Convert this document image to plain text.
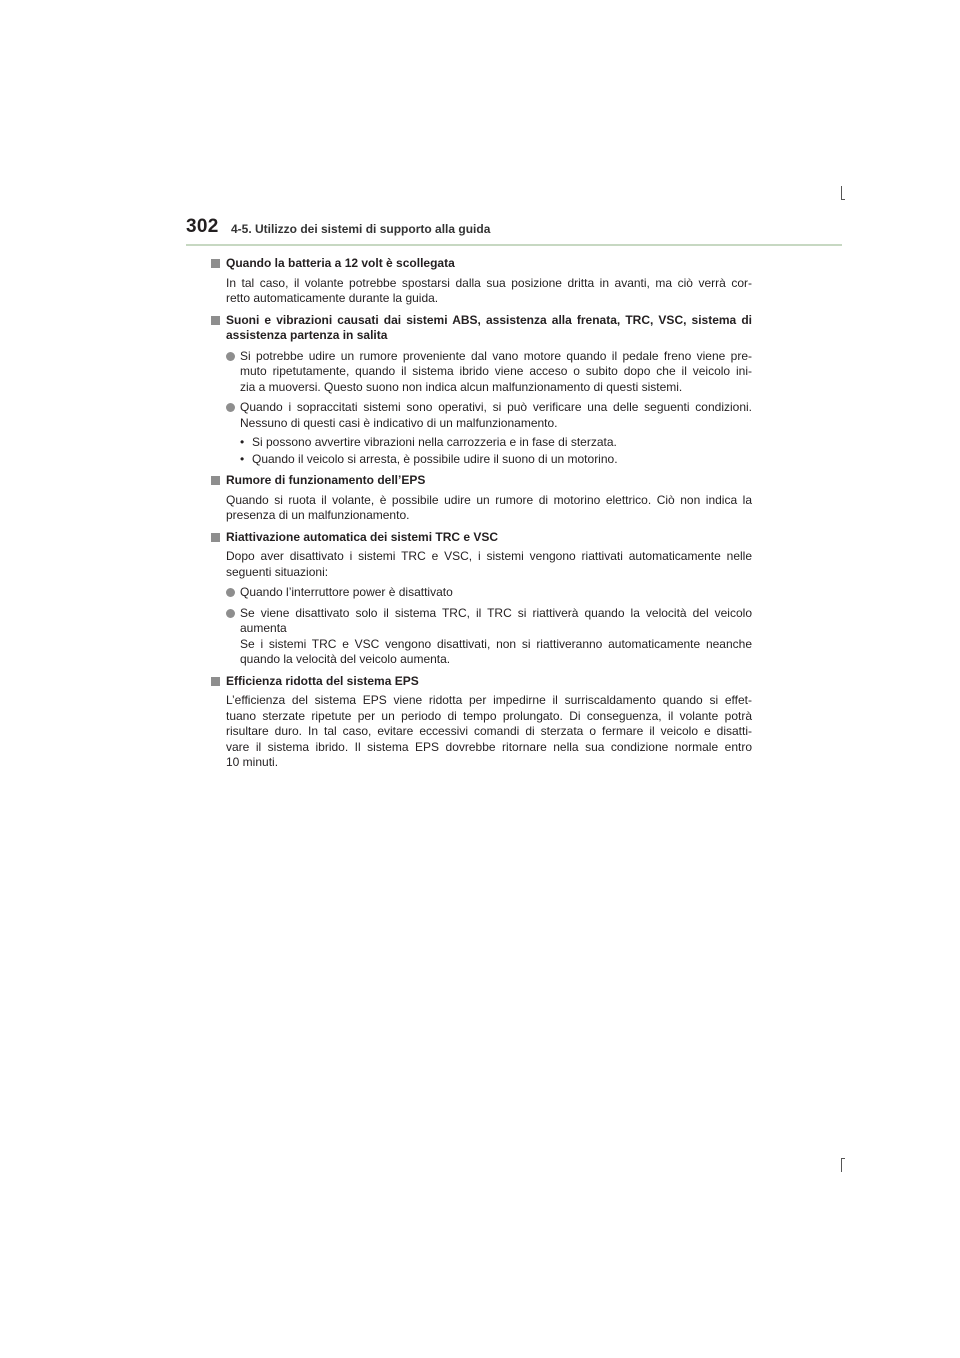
302 4-5. Utilizzo dei sistemi di supporto alla guida
Quando la batteria a 12 volt è scollegata
In tal caso, il volante potrebbe spostarsi dalla sua posizione dritta in avanti, ma ciò verrà cor-
retto automaticamente durante la guida.
Suoni e vibrazioni causati dai sistemi ABS, assistenza alla frenata, TRC, VSC, sistema di
assistenza partenza in salita
Si potrebbe udire un rumore proveniente dal vano motore quando il pedale freno viene pre-
muto ripetutamente, quando il sistema ibrido viene acceso o subito dopo che il veicolo ini-
zia a muoversi. Questo suono non indica alcun malfunzionamento di questi sistemi.
Quando i sopraccitati sistemi sono operativi, si può verificare una delle seguenti condizioni.
Nessuno di questi casi è indicativo di un malfunzionamento.
• Si possono avvertire vibrazioni nella carrozzeria e in fase di sterzata.
• Quando il veicolo si arresta, è possibile udire il suono di un motorino.
Rumore di funzionamento dell’EPS
Quando si ruota il volante, è possibile udire un rumore di motorino elettrico. Ciò non indica la
presenza di un malfunzionamento.
Riattivazione automatica dei sistemi TRC e VSC
Dopo aver disattivato i sistemi TRC e VSC, i sistemi vengono riattivati automaticamente nelle
seguenti situazioni:
Quando l’interruttore power è disattivato
Se viene disattivato solo il sistema TRC, il TRC si riattiverà quando la velocità del veicolo
aumenta
Se i sistemi TRC e VSC vengono disattivati, non si riattiveranno automaticamente neanche
quando la velocità del veicolo aumenta.
Efficienza ridotta del sistema EPS
L’efficienza del sistema EPS viene ridotta per impedirne il surriscaldamento quando si effet-
tuano sterzate ripetute per un periodo di tempo prolungato. Di conseguenza, il volante potrà
risultare duro. In tal caso, evitare eccessivi comandi di sterzata o fermare il veicolo e disatti-
vare il sistema ibrido. Il sistema EPS dovrebbe ritornare nella sua condizione normale entro
10 minuti.
